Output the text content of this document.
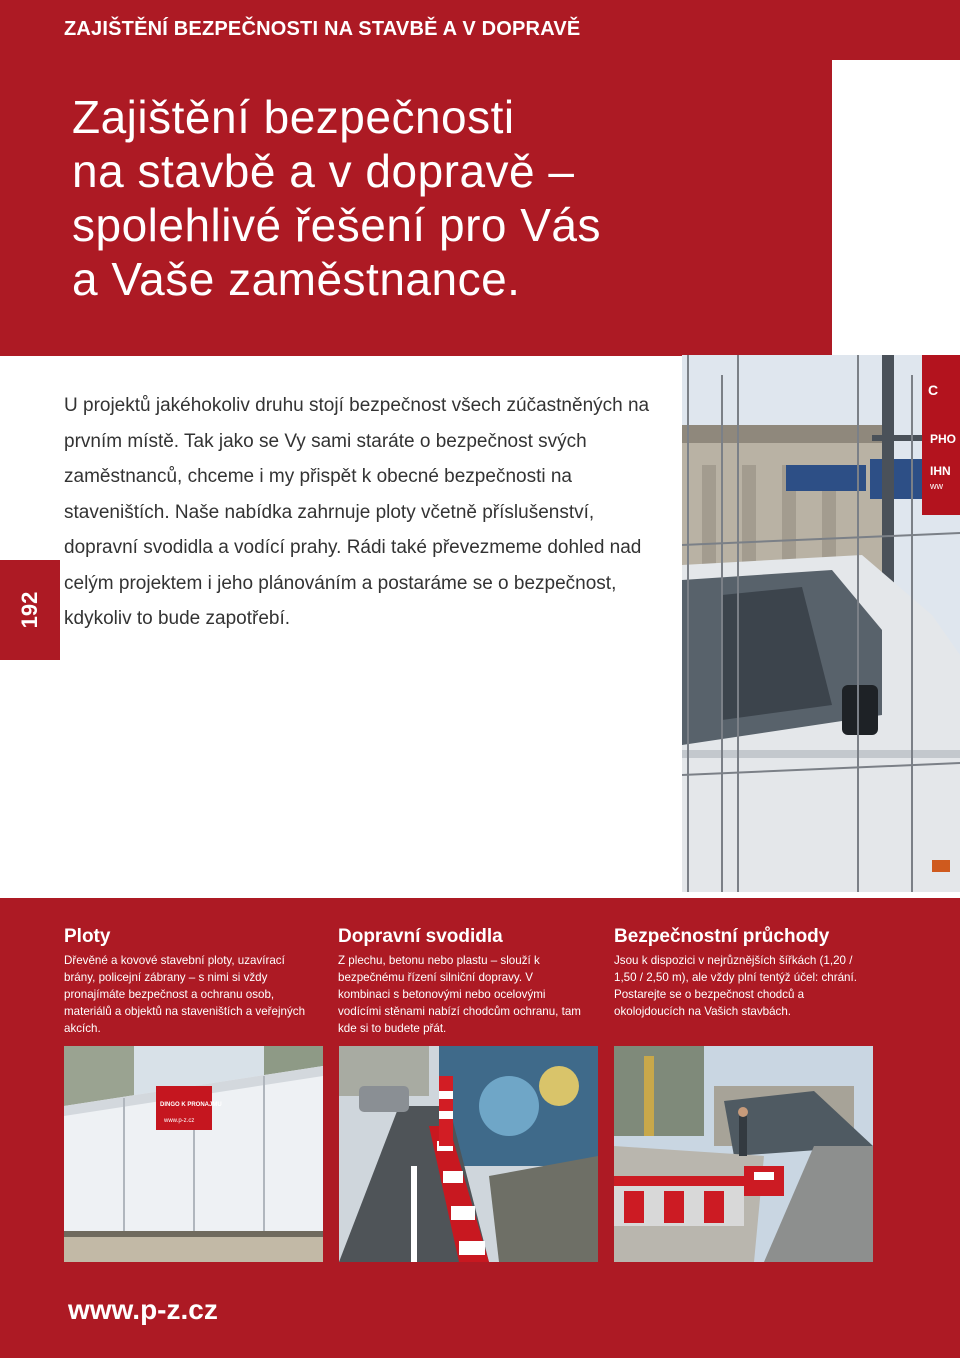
ZAJIŠTĚNÍ BEZPEČNOSTI NA STAVBĚ A V DOPRAVĚ
Zajištění bezpečnosti
na stavbě a v dopravě –
spolehlivé řešení pro Vás
a Vaše zaměstnance.

U projektů jakéhokoliv druhu stojí bezpečnost všech zúčastněných na prvním místě. Tak jako se Vy sami staráte o bezpečnost svých zaměstnanců, chceme i my přispět k obecné bezpečnosti na staveništích. Naše nabídka zahrnuje ploty včetně příslušenství, dopravní svodidla a vodící prahy. Rádi také převezmeme dohled nad celým projektem i jeho plánováním a postaráme se o bezpečnost, kdykoliv to bude zapotřebí.

192
C
PHO
IHN
ww
Ploty

Dřevěné a kovové stavební ploty, uzavírací brány, policejní zábrany – s nimi si vždy pronajímáte bezpečnost a ochranu osob, materiálů a objektů na staveništích a veřejných akcích.

Dopravní svodidla

Z plechu, betonu nebo plastu – slouží k bezpečnému řízení silniční dopravy. V kombinaci s betonovými nebo ocelovými vodícími stěnami nabízí chodcům ochranu, tam kde si to budete přát.

Bezpečnostní průchody

Jsou k dispozici v nejrůznějších šířkách (1,20 / 1,50 / 2,50 m), ale vždy plní tentýž účel: chrání. Postarejte se o bezpečnost chodců a okolojdoucích na Vašich stavbách.

DINGO K PRONAJMU
www.p-z.cz
www.p-z.cz
